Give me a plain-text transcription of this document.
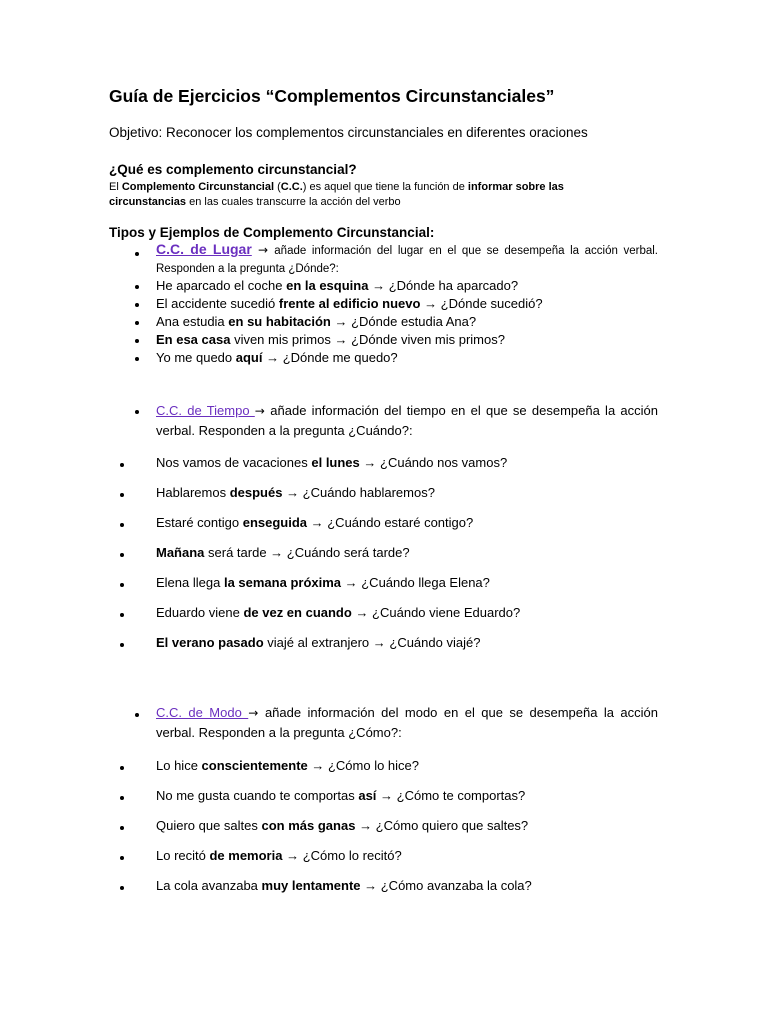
Guía de Ejercicios “Complementos Circunstanciales”
Objetivo: Reconocer los complementos circunstanciales en diferentes oraciones
¿Qué es complemento circunstancial?
El Complemento Circunstancial (C.C.) es aquel que tiene la función de informar sobre las circunstancias en las cuales transcurre la acción del verbo
Tipos y Ejemplos de Complemento Circunstancial:
C.C. de Lugar → añade información del lugar en el que se desempeña la acción verbal. Responden a la pregunta ¿Dónde?:
He aparcado el coche en la esquina → ¿Dónde ha aparcado?
El accidente sucedió frente al edificio nuevo → ¿Dónde sucedió?
Ana estudia en su habitación → ¿Dónde estudia Ana?
En esa casa viven mis primos → ¿Dónde viven mis primos?
Yo me quedo aquí → ¿Dónde me quedo?
C.C. de Tiempo → añade información del tiempo en el que se desempeña la acción verbal. Responden a la pregunta ¿Cuándo?:
Nos vamos de vacaciones el lunes → ¿Cuándo nos vamos?
Hablaremos después → ¿Cuándo hablaremos?
Estaré contigo enseguida → ¿Cuándo estaré contigo?
Mañana será tarde → ¿Cuándo será tarde?
Elena llega la semana próxima → ¿Cuándo llega Elena?
Eduardo viene de vez en cuando → ¿Cuándo viene Eduardo?
El verano pasado viajé al extranjero → ¿Cuándo viajé?
C.C. de Modo → añade información del modo en el que se desempeña la acción verbal. Responden a la pregunta ¿Cómo?:
Lo hice conscientemente → ¿Cómo lo hice?
No me gusta cuando te comportas así → ¿Cómo te comportas?
Quiero que saltes con más ganas → ¿Cómo quiero que saltes?
Lo recitó de memoria → ¿Cómo lo recitó?
La cola avanzaba muy lentamente → ¿Cómo avanzaba la cola?
